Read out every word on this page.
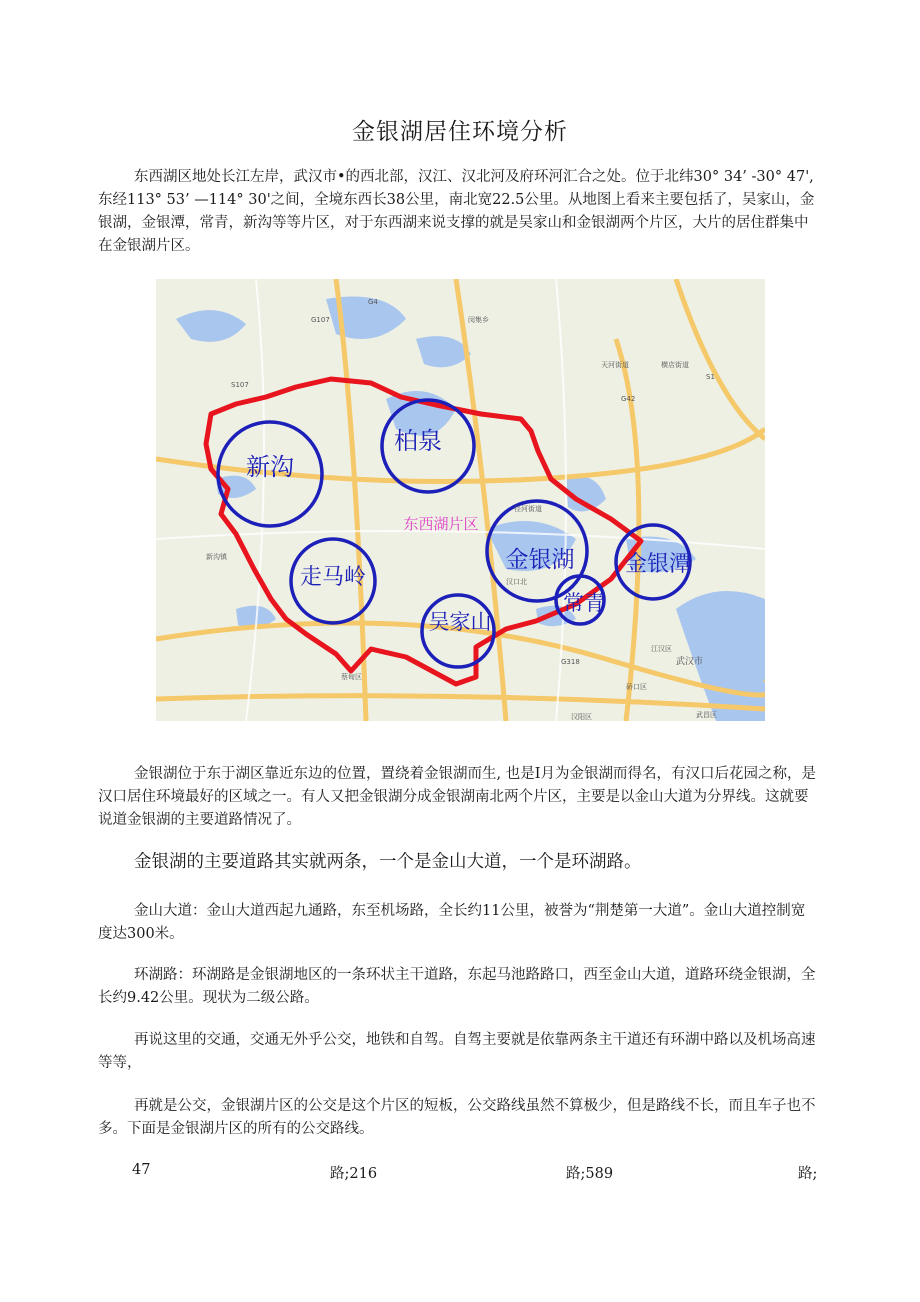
金银湖居住环境分析

东西湖区地处长江左岸，武汉市•的西北部，汉江、汉北河及府环河汇合之处。位于北纬30° 34’ -30° 47', 东经113° 53’ —114° 30'之间，全境东西长38公里，南北宽22.5公里。从地图上看来主要包括了，吴家山，金银湖，金银潭，常青，新沟等等片区，对于东西湖来说支撑的就是吴家山和金银湖两个片区，大片的居住群集中在金银湖片区。

新沟
柏泉
走马岭
金银湖 金银潭
吴家山
常青
东西湖片区
武汉市
G4
G107
S107
G42
S1
G318
天河街道	横店街道
闵集乡
新沟镇
汉口北
径河街道
汉阳区
硚口区
武昌区
江汉区
蔡甸区

金银湖位于东于湖区靠近东边的位置，置绕着金银湖而生, 也是I月为金银湖而得名，有汉口后花园之称，是汉口居住环境最好的区域之一。有人又把金银湖分成金银湖南北两个片区，主要是以金山大道为分界线。这就要说道金银湖的主要道路情况了。

金银湖的主要道路其实就两条，一个是金山大道，一个是环湖路。

金山大道：金山大道西起九通路，东至机场路，全长约11公里，被誉为“荆楚第一大道”。金山大道控制宽度达300米。

环湖路：环湖路是金银湖地区的一条环状主干道路，东起马池路路口，西至金山大道，道路环绕金银湖，全长约9.42公里。现状为二级公路。

再说这里的交通，交通无外乎公交，地铁和自驾。自驾主要就是依靠两条主干道还有环湖中路以及机场高速等等，

再就是公交，金银湖片区的公交是这个片区的短板，公交路线虽然不算极少，但是路线不长，而且车子也不多。下面是金银湖片区的所有的公交路线。

47	路;216	路;589	路;
